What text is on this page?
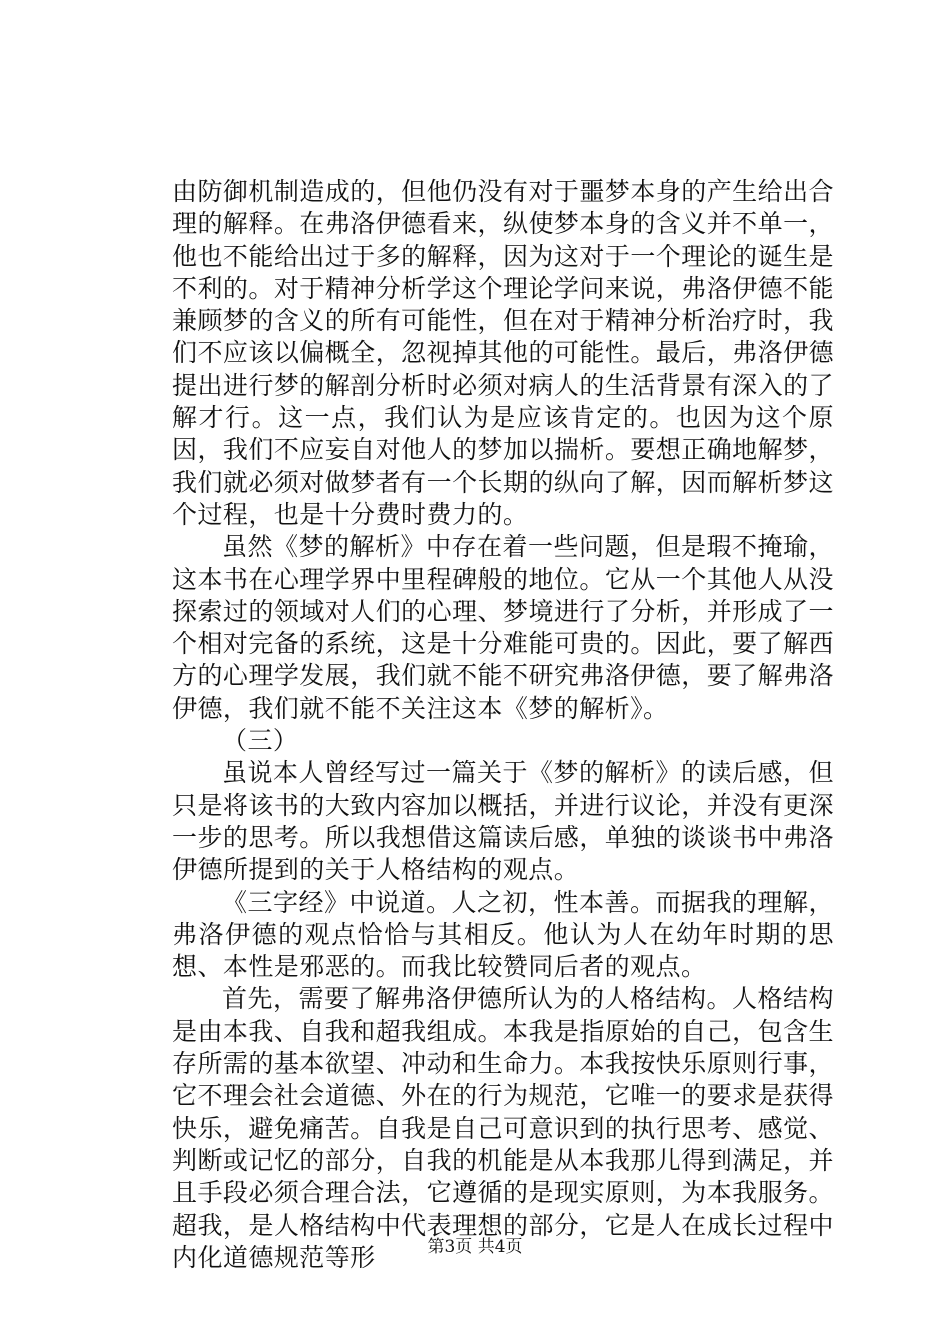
由防御机制造成的，但他仍没有对于噩梦本身的产生给出合理的解释。在弗洛伊德看来，纵使梦本身的含义并不单一，他也不能给出过于多的解释，因为这对于一个理论的诞生是不利的。对于精神分析学这个理论学问来说，弗洛伊德不能兼顾梦的含义的所有可能性，但在对于精神分析治疗时，我们不应该以偏概全，忽视掉其他的可能性。最后，弗洛伊德提出进行梦的解剖分析时必须对病人的生活背景有深入的了解才行。这一点，我们认为是应该肯定的。也因为这个原因，我们不应妄自对他人的梦加以揣析。要想正确地解梦，我们就必须对做梦者有一个长期的纵向了解，因而解析梦这个过程，也是十分费时费力的。

虽然《梦的解析》中存在着一些问题，但是瑕不掩瑜，这本书在心理学界中里程碑般的地位。它从一个其他人从没探索过的领域对人们的心理、梦境进行了分析，并形成了一个相对完备的系统，这是十分难能可贵的。因此，要了解西方的心理学发展，我们就不能不研究弗洛伊德，要了解弗洛伊德，我们就不能不关注这本《梦的解析》。

（三）

虽说本人曾经写过一篇关于《梦的解析》的读后感，但只是将该书的大致内容加以概括，并进行议论，并没有更深一步的思考。所以我想借这篇读后感，单独的谈谈书中弗洛伊德所提到的关于人格结构的观点。

《三字经》中说道。人之初，性本善。而据我的理解，弗洛伊德的观点恰恰与其相反。他认为人在幼年时期的思想、本性是邪恶的。而我比较赞同后者的观点。

首先，需要了解弗洛伊德所认为的人格结构。人格结构是由本我、自我和超我组成。本我是指原始的自己，包含生存所需的基本欲望、冲动和生命力。本我按快乐原则行事，它不理会社会道德、外在的行为规范，它唯一的要求是获得快乐，避免痛苦。自我是自己可意识到的执行思考、感觉、判断或记忆的部分，自我的机能是从本我那儿得到满足，并且手段必须合理合法，它遵循的是现实原则，为本我服务。超我，是人格结构中代表理想的部分，它是人在成长过程中内化道德规范等形	第3页 共4页
